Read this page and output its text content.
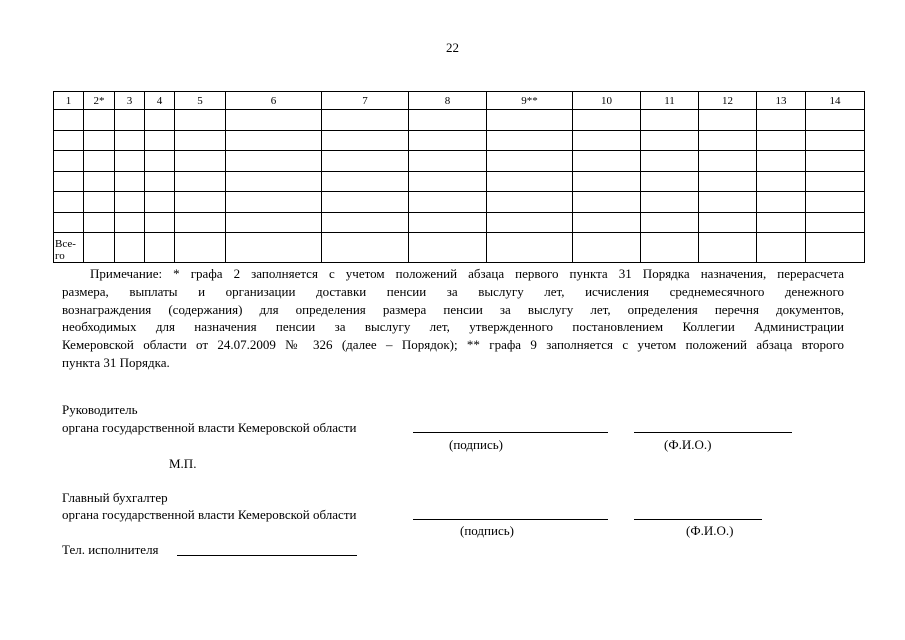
22
1	2*	3	4	5	6	7	8	9**	10	11	12	13	14

Все-
го													
Примечание: * графа 2 заполняется с учетом положений абзаца первого пункта 31 Порядка назначения, перерасчета
размера, выплаты и организации доставки пенсии за выслугу лет, исчисления среднемесячного денежного
вознаграждения (содержания) для определения размера пенсии за выслугу лет, определения перечня документов,
необходимых для назначения пенсии за выслугу лет, утвержденного постановлением Коллегии Администрации
Кемеровской области от 24.07.2009 № 326 (далее – Порядок); ** графа 9 заполняется с учетом положений абзаца второго
пункта 31 Порядка.
Руководитель
органа государственной власти Кемеровской области
(подпись)	(Ф.И.О.)
М.П.
Главный бухгалтер
органа государственной власти Кемеровской области
(подпись)	(Ф.И.О.)
Тел. исполнителя
